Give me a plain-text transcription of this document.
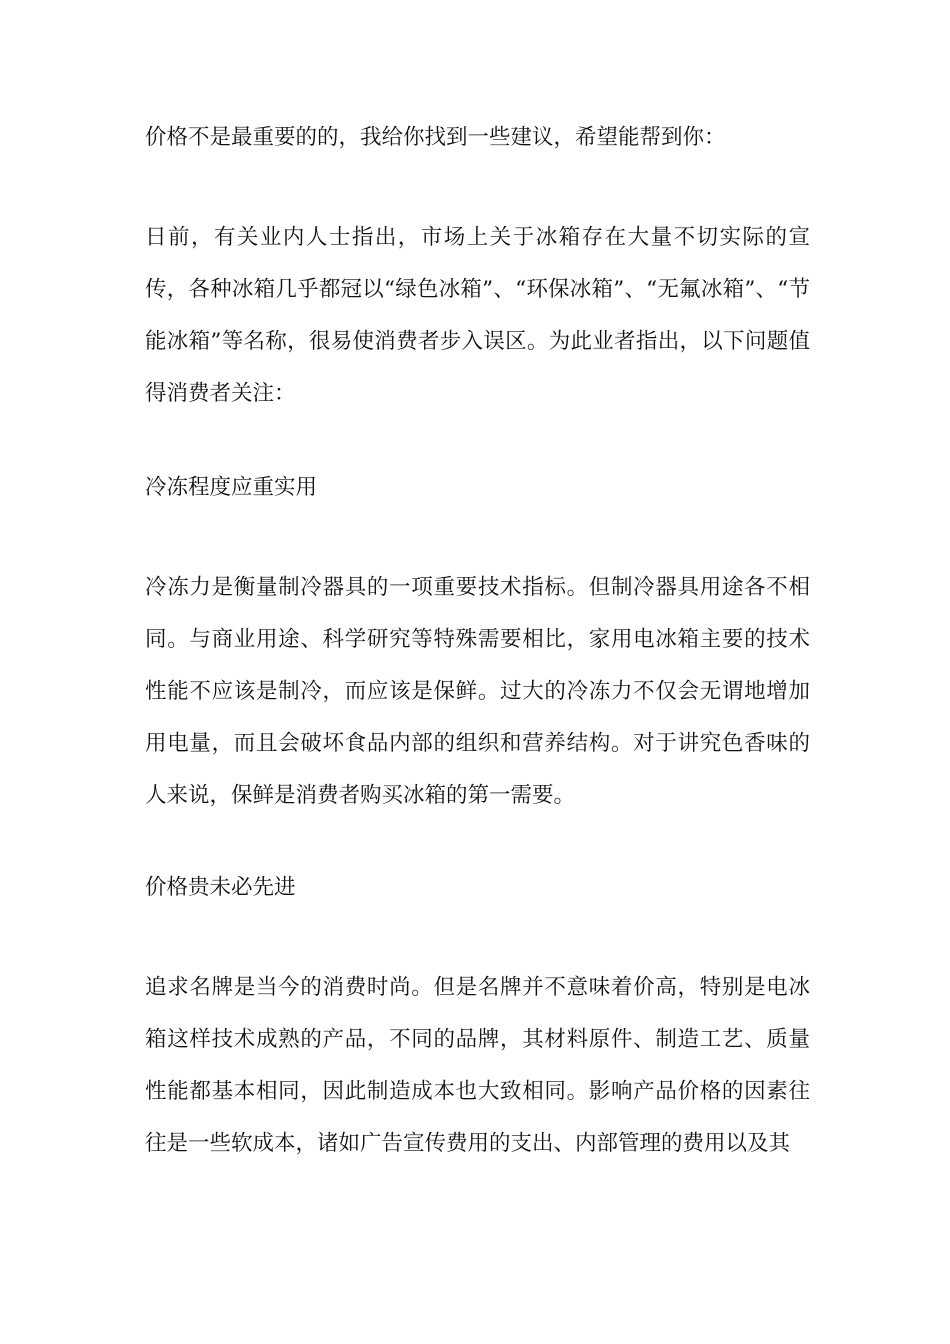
价格不是最重要的的，我给你找到一些建议，希望能帮到你：

日前，有关业内人士指出，市场上关于冰箱存在大量不切实际的宣传，各种冰箱几乎都冠以“绿色冰箱”、“环保冰箱”、“无氟冰箱”、“节能冰箱”等名称，很易使消费者步入误区。为此业者指出，以下问题值得消费者关注：

冷冻程度应重实用

冷冻力是衡量制冷器具的一项重要技术指标。但制冷器具用途各不相同。与商业用途、科学研究等特殊需要相比，家用电冰箱主要的技术性能不应该是制冷，而应该是保鲜。过大的冷冻力不仅会无谓地增加用电量，而且会破坏食品内部的组织和营养结构。对于讲究色香味的人来说，保鲜是消费者购买冰箱的第一需要。

价格贵未必先进

追求名牌是当今的消费时尚。但是名牌并不意味着价高，特别是电冰箱这样技术成熟的产品，不同的品牌，其材料原件、制造工艺、质量性能都基本相同，因此制造成本也大致相同。影响产品价格的因素往往是一些软成本，诸如广告宣传费用的支出、内部管理的费用以及其
